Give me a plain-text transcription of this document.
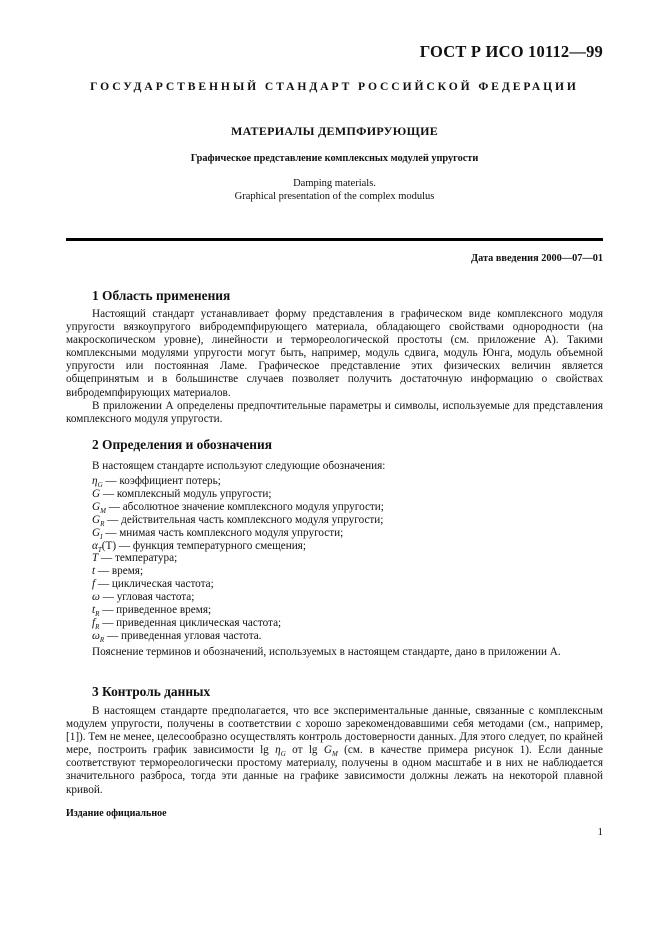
ГОСТ Р ИСО 10112—99
ГОСУДАРСТВЕННЫЙ СТАНДАРТ РОССИЙСКОЙ ФЕДЕРАЦИИ
МАТЕРИАЛЫ ДЕМПФИРУЮЩИЕ
Графическое представление комплексных модулей упругости
Damping materials.
Graphical presentation of the complex modulus
Дата введения 2000—07—01
1 Область применения

Настоящий стандарт устанавливает форму представления в графическом виде комплексного модуля упругости вязкоупругого вибродемпфирующего материала, обладающего свойствами однородности (на макроскопическом уровне), линейности и термореологической простоты (см. приложение А). Такими комплексными модулями упругости могут быть, например, модуль сдвига, модуль Юнга, модуль объемной упругости или постоянная Ламе. Графическое представление этих физических величин является общепринятым и в большинстве случаев позволяет получить достаточную информацию о свойствах вибродемпфирующих материалов.

В приложении А определены предпочтительные параметры и символы, используемые для представления комплексного модуля упругости.

2 Определения и обозначения
В настоящем стандарте используют следующие обозначения:
$\eta_G$ — коэффициент потерь;
G — комплексный модуль упругости;
$G_M$ — абсолютное значение комплексного модуля упругости;
$G_R$ — действительная часть комплексного модуля упругости;
$G_I$ — мнимая часть комплексного модуля упругости;
$\alpha_T(T)$ — функция температурного смещения;
T — температура;
t — время;
f — циклическая частота;
ω — угловая частота;
$t_R$ — приведенное время;
$f_R$ — приведенная циклическая частота;
$\omega_R$ — приведенная угловая частота.

Пояснение терминов и обозначений, используемых в настоящем стандарте, дано в приложении А.

3 Контроль данных

В настоящем стандарте предполагается, что все экспериментальные данные, связанные с комплексным модулем упругости, получены в соответствии с хорошо зарекомендовавшими себя методами (см., например, [1]). Тем не менее, целесообразно осуществлять контроль достоверности данных. Для этого следует, по крайней мере, построить график зависимости $\lg \eta_G$ от $\lg G_M$ (см. в качестве примера рисунок 1). Если данные соответствуют термореологически простому материалу, получены в одном масштабе и в них не наблюдается значительного разброса, тогда эти данные на графике зависимости должны лежать на некоторой плавной кривой.

Издание официальное
1
